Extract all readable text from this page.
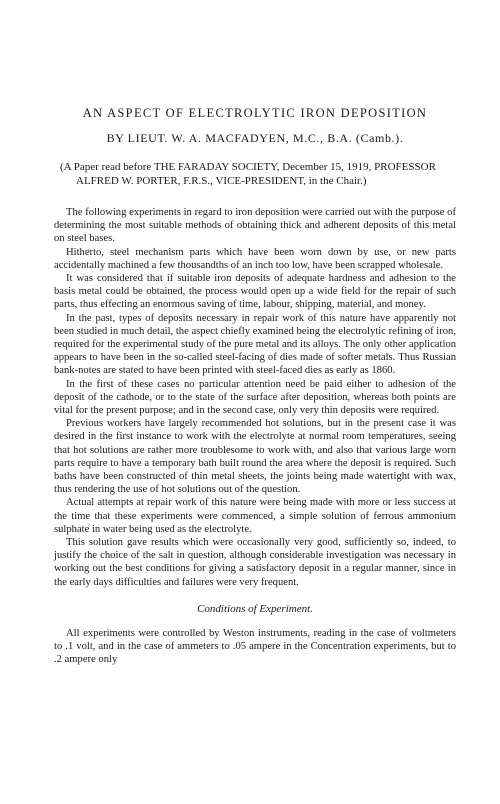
AN ASPECT OF ELECTROLYTIC IRON DEPOSITION
BY LIEUT. W. A. MACFADYEN, M.C., B.A. (Camb.).
(A Paper read before THE FARADAY SOCIETY, December 15, 1919, PROFESSOR
ALFRED W. PORTER, F.R.S., VICE-PRESIDENT, in the Chair.)

The following experiments in regard to iron deposition were carried out with the purpose of determining the most suitable methods of obtaining thick and adherent deposits of this metal on steel bases.

Hitherto, steel mechanism parts which have been worn down by use, or new parts accidentally machined a few thousandths of an inch too low, have been scrapped wholesale.

It was considered that if suitable iron deposits of adequate hardness and adhesion to the basis metal could be obtained, the process would open up a wide field for the repair of such parts, thus effecting an enormous saving of time, labour, shipping, material, and money.

In the past, types of deposits necessary in repair work of this nature have apparently not been studied in much detail, the aspect chiefly examined being the electrolytic refining of iron, required for the experimental study of the pure metal and its alloys. The only other application appears to have been in the so-called steel-facing of dies made of softer metals. Thus Russian bank-notes are stated to have been printed with steel-faced dies as early as 1860.

In the first of these cases no particular attention need be paid either to adhesion of the deposit of the cathode, or to the state of the surface after deposition, whereas both points are vital for the present purpose; and in the second case, only very thin deposits were required.

Previous workers have largely recommended hot solutions, but in the present case it was desired in the first instance to work with the electrolyte at normal room temperatures, seeing that hot solutions are rather more troublesome to work with, and also that various large worn parts require to have a temporary bath built round the area where the deposit is required. Such baths have been constructed of thin metal sheets, the joints being made watertight with wax, thus rendering the use of hot solutions out of the question.

Actual attempts at repair work of this nature were being made with more or less success at the time that these experiments were commenced, a simple solution of ferrous ammonium sulphate in water being used as the electrolyte.

This solution gave results which were occasionally very good, sufficiently so, indeed, to justify the choice of the salt in question, although considerable investigation was necessary in working out the best conditions for giving a satisfactory deposit in a regular manner, since in the early days difficulties and failures were very frequent.

Conditions of Experiment.

All experiments were controlled by Weston instruments, reading in the case of voltmeters to .1 volt, and in the case of ammeters to .05 ampere in the Concentration experiments, but to .2 ampere only
